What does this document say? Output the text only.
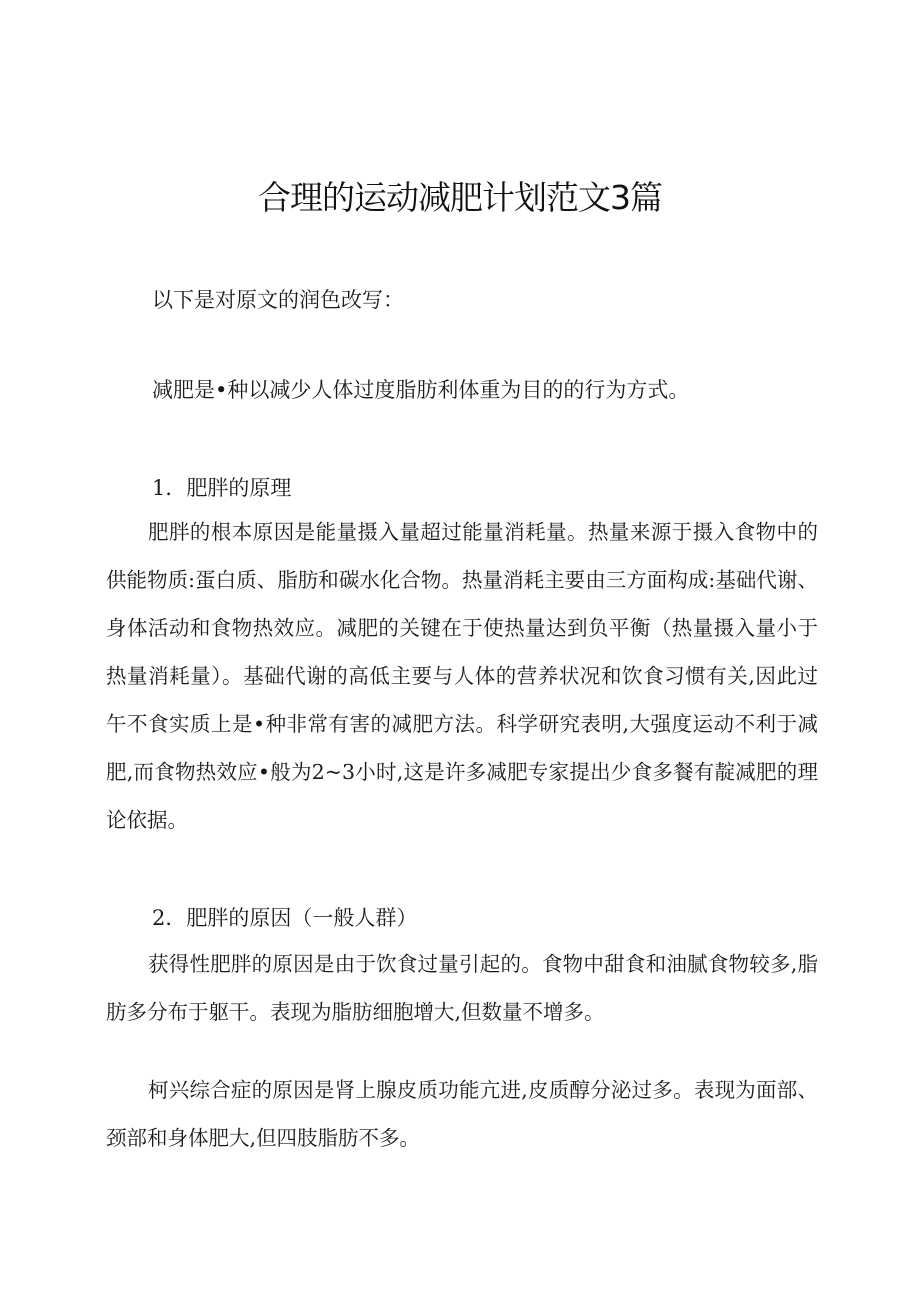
合理的运动减肥计划范文3篇
以下是对原文的润色改写：
减肥是•种以减少人体过度脂肪利体重为目的的行为方式。
1．肥胖的原理
肥胖的根本原因是能量摄入量超过能量消耗量。热量来源于摄入食物中的供能物质:蛋白质、脂肪和碳水化合物。热量消耗主要由三方面构成:基础代谢、身体活动和食物热效应。减肥的关键在于使热量达到负平衡（热量摄入量小于热量消耗量）。基础代谢的高低主要与人体的营养状况和饮食习惯有关,因此过午不食实质上是•种非常有害的减肥方法。科学研究表明,大强度运动不利于减肥,而食物热效应•般为2~3小时,这是许多减肥专家提出少食多餐有靛减肥的理论依据。
2．肥胖的原因（一般人群）
获得性肥胖的原因是由于饮食过量引起的。食物中甜食和油腻食物较多,脂肪多分布于躯干。表现为脂肪细胞增大,但数量不增多。
柯兴综合症的原因是肾上腺皮质功能亢进,皮质醇分泌过多。表现为面部、颈部和身体肥大,但四肢脂肪不多。
